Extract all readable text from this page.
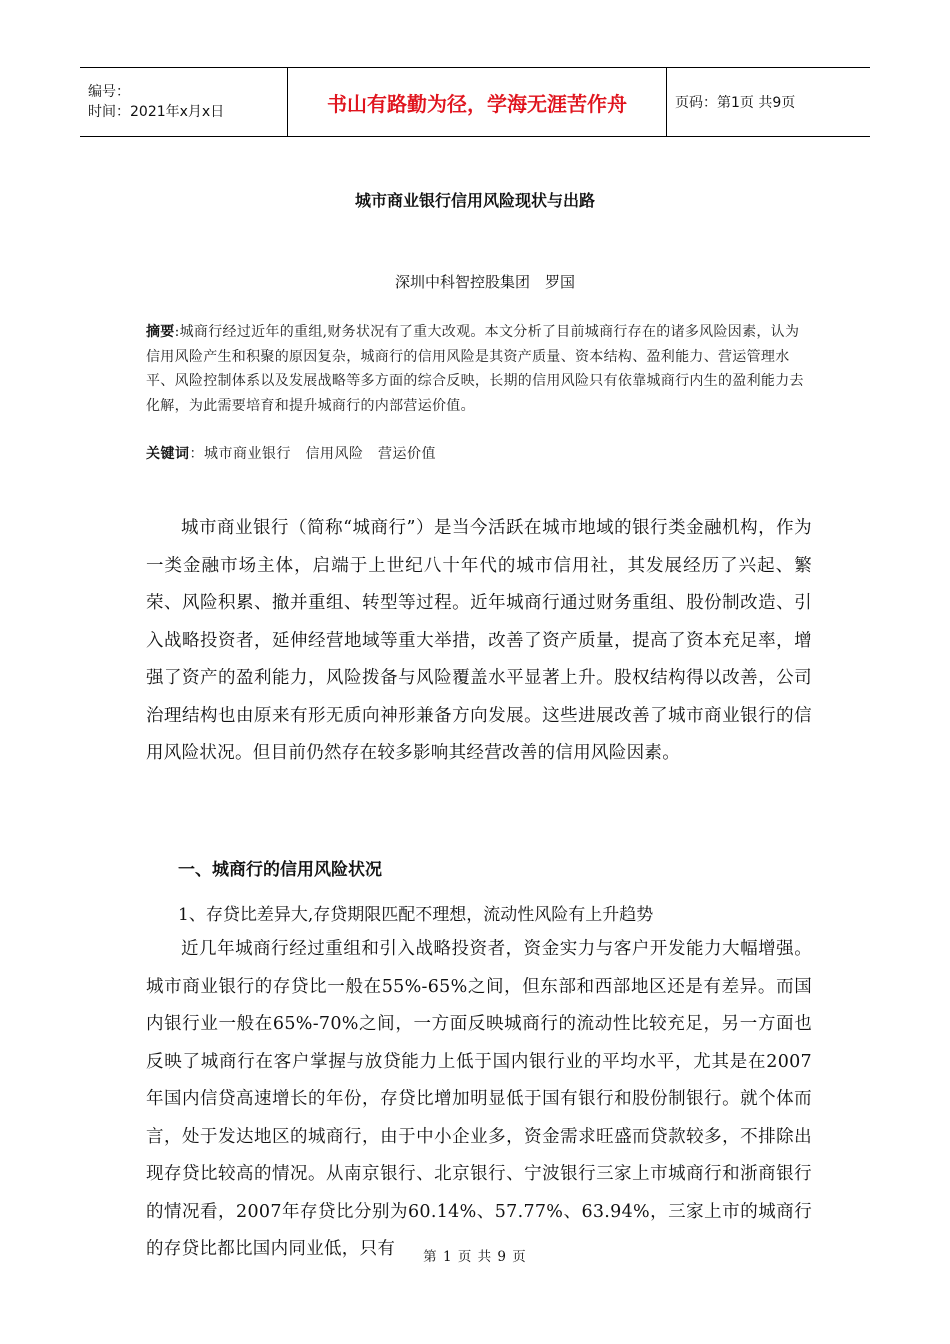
编号：
时间：2021年x月x日	书山有路勤为径，学海无涯苦作舟	页码：第1页 共9页
城市商业银行信用风险现状与出路
深圳中科智控股集团　罗国
摘要:城商行经过近年的重组,财务状况有了重大改观。本文分析了目前城商行存在的诸多风险因素，认为信用风险产生和积聚的原因复杂，城商行的信用风险是其资产质量、资本结构、盈利能力、营运管理水平、风险控制体系以及发展战略等多方面的综合反映，长期的信用风险只有依靠城商行内生的盈利能力去化解，为此需要培育和提升城商行的内部营运价值。
关键词：城市商业银行　信用风险　营运价值
城市商业银行（简称“城商行”）是当今活跃在城市地域的银行类金融机构，作为一类金融市场主体，启端于上世纪八十年代的城市信用社，其发展经历了兴起、繁荣、风险积累、撤并重组、转型等过程。近年城商行通过财务重组、股份制改造、引入战略投资者，延伸经营地域等重大举措，改善了资产质量，提高了资本充足率，增强了资产的盈利能力，风险拨备与风险覆盖水平显著上升。股权结构得以改善，公司治理结构也由原来有形无质向神形兼备方向发展。这些进展改善了城市商业银行的信用风险状况。但目前仍然存在较多影响其经营改善的信用风险因素。
一、城商行的信用风险状况
1、存贷比差异大,存贷期限匹配不理想，流动性风险有上升趋势
近几年城商行经过重组和引入战略投资者，资金实力与客户开发能力大幅增强。城市商业银行的存贷比一般在55%-65%之间，但东部和西部地区还是有差异。而国内银行业一般在65%-70%之间，一方面反映城商行的流动性比较充足，另一方面也反映了城商行在客户掌握与放贷能力上低于国内银行业的平均水平，尤其是在2007年国内信贷高速增长的年份，存贷比增加明显低于国有银行和股份制银行。就个体而言，处于发达地区的城商行，由于中小企业多，资金需求旺盛而贷款较多，不排除出现存贷比较高的情况。从南京银行、北京银行、宁波银行三家上市城商行和浙商银行的情况看，2007年存贷比分别为60.14%、57.77%、63.94%，三家上市的城商行的存贷比都比国内同业低，只有	第 1 页 共 9 页
